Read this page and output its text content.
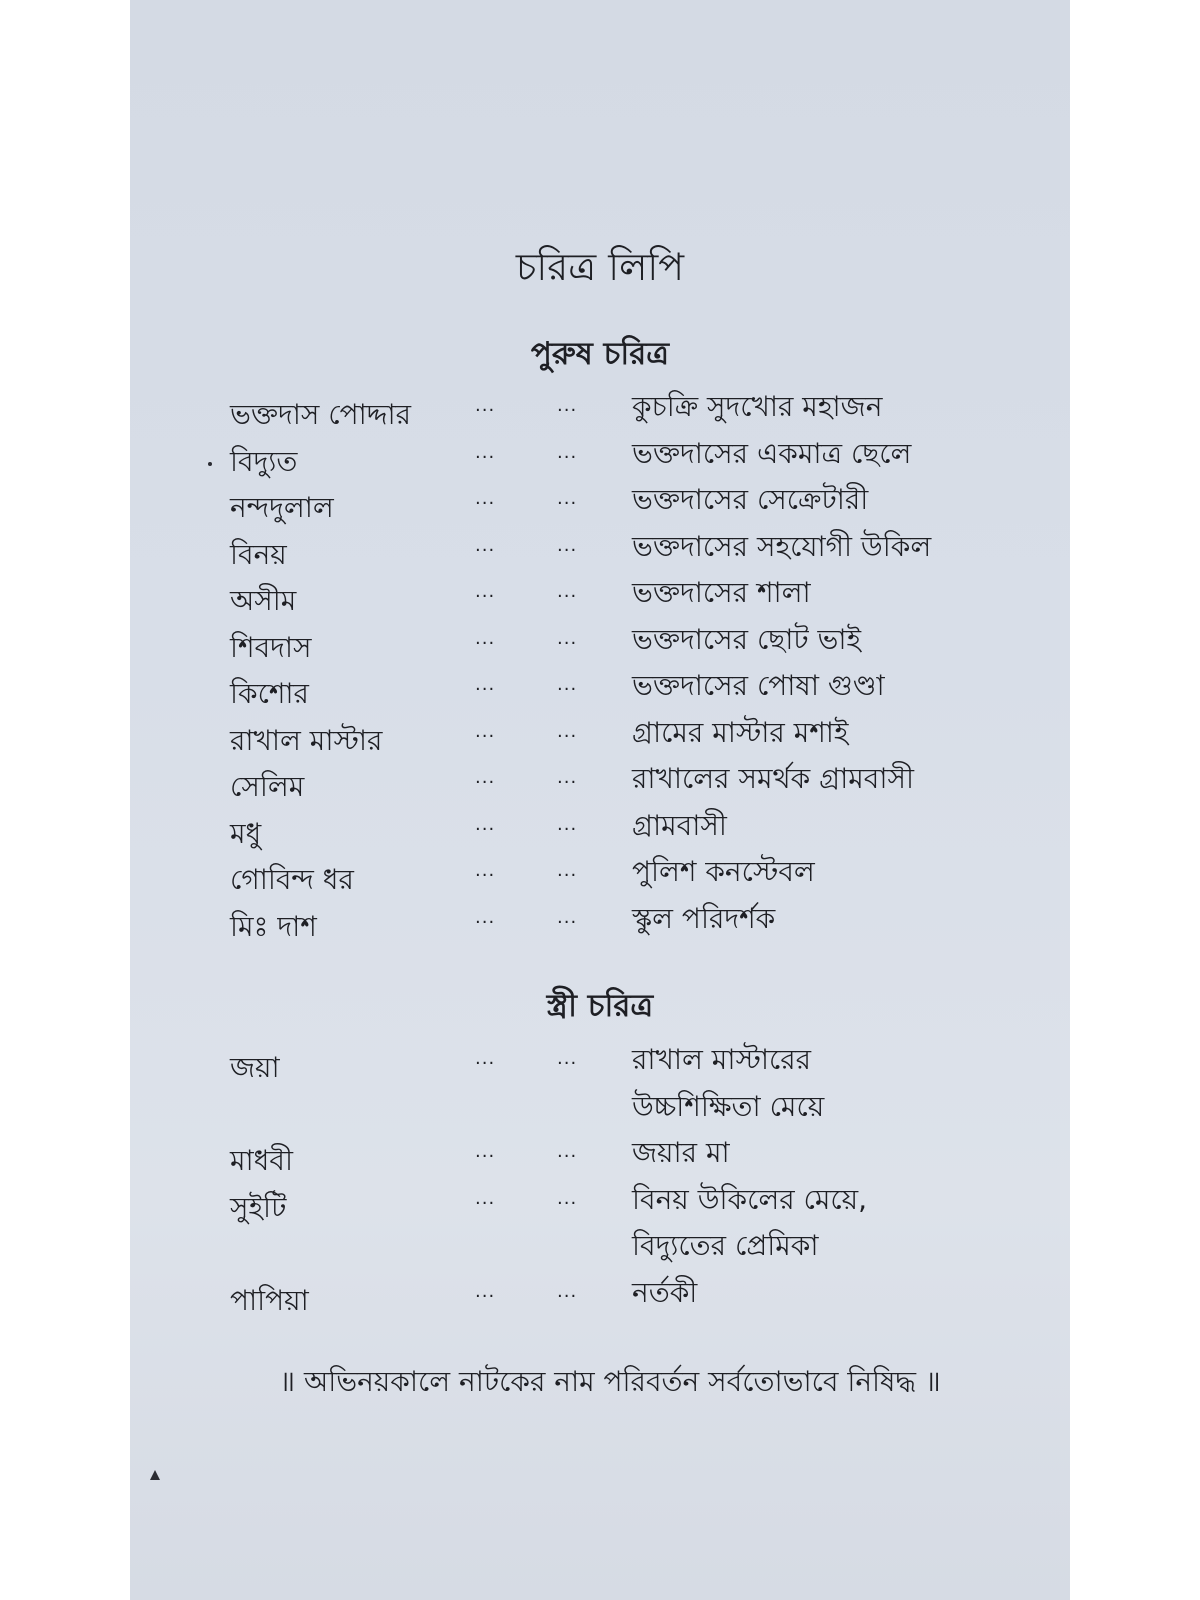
চরিত্র লিপি
পুরুষ চরিত্র
ভক্তদাস পোদ্দার	...	... কুচক্রি সুদখোর মহাজন
বিদ্যুত	...	... ভক্তদাসের একমাত্র ছেলে
নন্দদুলাল	...	... ভক্তদাসের সেক্রেটারী
বিনয়	...	... ভক্তদাসের সহযোগী উকিল
অসীম	...	... ভক্তদাসের শালা
শিবদাস	...	... ভক্তদাসের ছোট ভাই
কিশোর	...	... ভক্তদাসের পোষা গুণ্ডা
রাখাল মাস্টার	...	... গ্রামের মাস্টার মশাই
সেলিম	...	... রাখালের সমর্থক গ্রামবাসী
মধু	...	... গ্রামবাসী
গোবিন্দ ধর	...	... পুলিশ কনস্টেবল
মিঃ দাশ	...	... স্কুল পরিদর্শক
স্ত্রী চরিত্র
জয়া	...	... রাখাল মাস্টারের
উচ্চশিক্ষিতা মেয়ে
মাধবী	...	... জয়ার মা
সুইটি	...	... বিনয় উকিলের মেয়ে,
বিদ্যুতের প্রেমিকা
পাপিয়া	...	... নর্তকী
॥ অভিনয়কালে নাটকের নাম পরিবর্তন সর্বতোভাবে নিষিদ্ধ ॥
